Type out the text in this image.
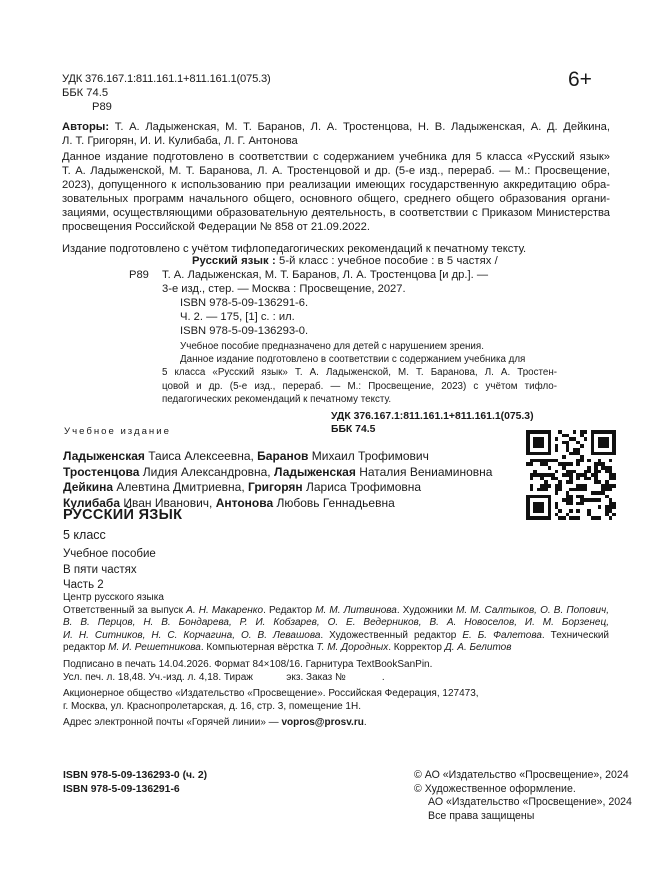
УДК 376.167.1:811.161.1+811.161.1(075.3)
ББК 74.5
Р89
6+
Авторы: Т. А. Ладыженская, М. Т. Баранов, Л. А. Тростенцова, Н. В. Ладыженская, А. Д. Дейкина,
Л. Т. Григорян, И. И. Кулибаба, Л. Г. Антонова
Данное издание подготовлено в соответствии с содержанием учебника для 5 класса «Русский язык»
Т. А. Ладыженской, М. Т. Баранова, Л. А. Тростенцовой и др. (5-е изд., перераб. — М.: Просвещение,
2023), допущенного к использованию при реализации имеющих государственную аккредитацию обра-
зовательных программ начального общего, основного общего, среднего общего образования органи-
зациями, осуществляющими образовательную деятельность, в соответствии с Приказом Министерства
просвещения Российской Федерации № 858 от 21.09.2022.
Издание подготовлено с учётом тифлопедагогических рекомендаций к печатному тексту.
Русский язык : 5-й класс : учебное пособие : в 5 частях /
Р89 Т. А. Ладыженская, М. Т. Баранов, Л. А. Тростенцова [и др.]. —
3-е изд., стер. — Москва : Просвещение, 2027.
ISBN 978-5-09-136291-6.
Ч. 2. — 175, [1] с. : ил.
ISBN 978-5-09-136293-0.
Учебное пособие предназначено для детей с нарушением зрения.
Данное издание подготовлено в соответствии с содержанием учебника для
5 класса «Русский язык» Т. А. Ладыженской, М. Т. Баранова, Л. А. Тростен-
цовой и др. (5-е изд., перераб. — М.: Просвещение, 2023) с учётом тифло-
педагогических рекомендаций к печатному тексту.
УДК 376.167.1:811.161.1+811.161.1(075.3)
ББК 74.5
Учебное издание
Ладыженская Таиса Алексеевна, Баранов Михаил Трофимович
Тростенцова Лидия Александровна, Ладыженская Наталия Вениаминовна
Дейкина Алевтина Дмитриевна, Григорян Лариса Трофимовна
Кулибаба Иван Иванович, Антонова Любовь Геннадьевна
РУССКИЙ ЯЗЫК
5 класс
Учебное пособие
В пяти частях
Часть 2
Центр русского языка
Ответственный за выпуск А. Н. Макаренко. Редактор М. М. Литвинова. Художники М. М. Салтыков, О. В. Попович,
В. В. Перцов, Н. В. Бондарева, Р. И. Кобзарев, О. Е. Ведерников, В. А. Новоселов, И. М. Борзенец,
И. Н. Ситников, Н. С. Корчагина, О. В. Левашова. Художественный редактор Е. Б. Фалетова. Технический
редактор М. И. Решетникова. Компьютерная вёрстка Т. М. Дородных. Корректор Д. А. Белитов
Подписано в печать 14.04.2026. Формат 84×108/16. Гарнитура TextBookSanPin.
Усл. печ. л. 18,48. Уч.-изд. л. 4,18. Тираж            экз. Заказ №             .
Акционерное общество «Издательство «Просвещение». Российская Федерация, 127473,
г. Москва, ул. Краснопролетарская, д. 16, стр. 3, помещение 1Н.
Адрес электронной почты «Горячей линии» — vopros@prosv.ru.
ISBN 978-5-09-136293-0 (ч. 2)
ISBN 978-5-09-136291-6
© АО «Издательство «Просвещение», 2024
© Художественное оформление.
АО «Издательство «Просвещение», 2024
Все права защищены
